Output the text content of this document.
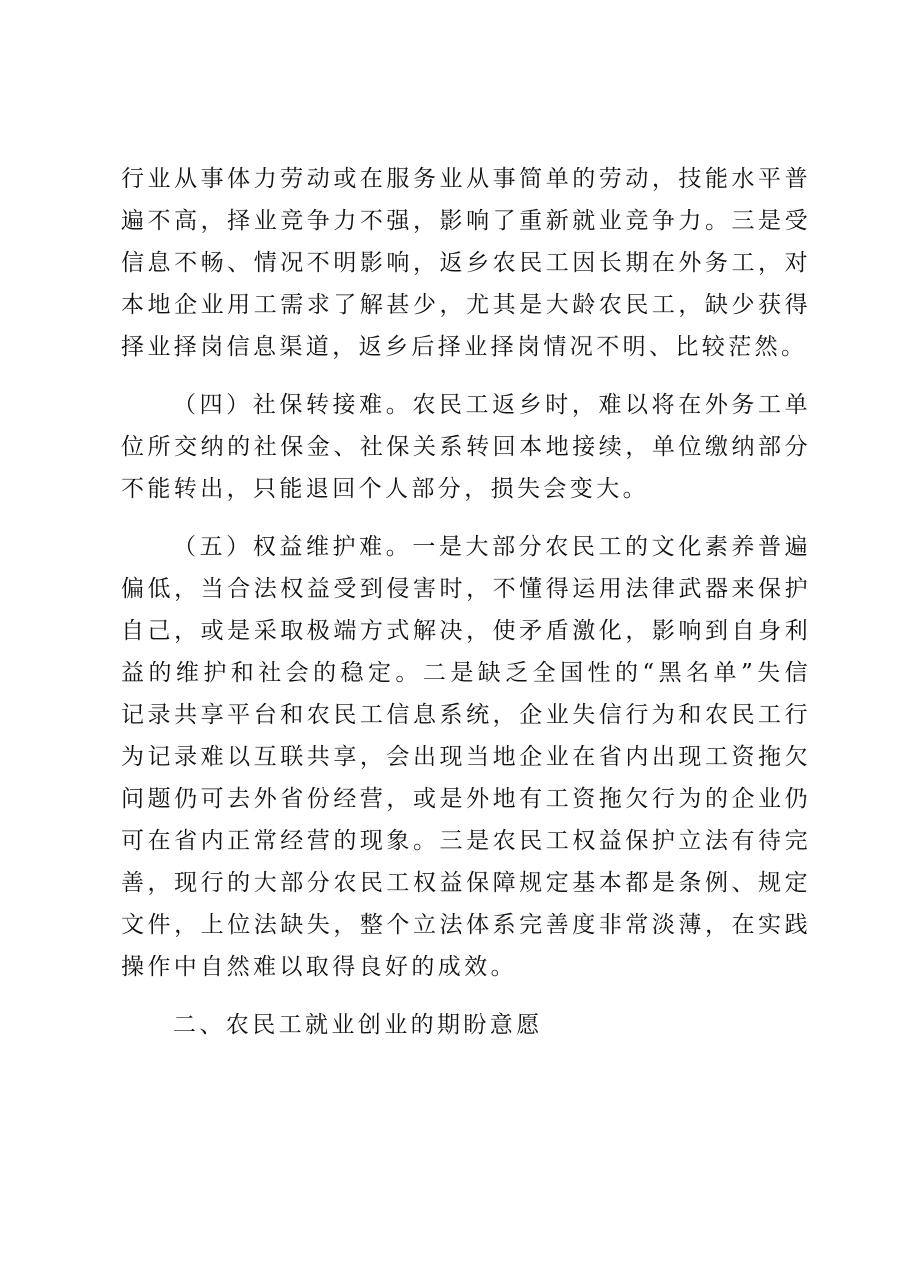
行业从事体力劳动或在服务业从事简单的劳动，技能水平普遍不高，择业竞争力不强，影响了重新就业竞争力。三是受信息不畅、情况不明影响，返乡农民工因长期在外务工，对本地企业用工需求了解甚少，尤其是大龄农民工，缺少获得择业择岗信息渠道，返乡后择业择岗情况不明、比较茫然。

（四）社保转接难。农民工返乡时，难以将在外务工单位所交纳的社保金、社保关系转回本地接续，单位缴纳部分不能转出，只能退回个人部分，损失会变大。

（五）权益维护难。一是大部分农民工的文化素养普遍偏低，当合法权益受到侵害时，不懂得运用法律武器来保护自己，或是采取极端方式解决，使矛盾激化，影响到自身利益的维护和社会的稳定。二是缺乏全国性的“黑名单”失信记录共享平台和农民工信息系统，企业失信行为和农民工行为记录难以互联共享，会出现当地企业在省内出现工资拖欠问题仍可去外省份经营，或是外地有工资拖欠行为的企业仍可在省内正常经营的现象。三是农民工权益保护立法有待完善，现行的大部分农民工权益保障规定基本都是条例、规定文件，上位法缺失，整个立法体系完善度非常淡薄，在实践操作中自然难以取得良好的成效。

二、农民工就业创业的期盼意愿
